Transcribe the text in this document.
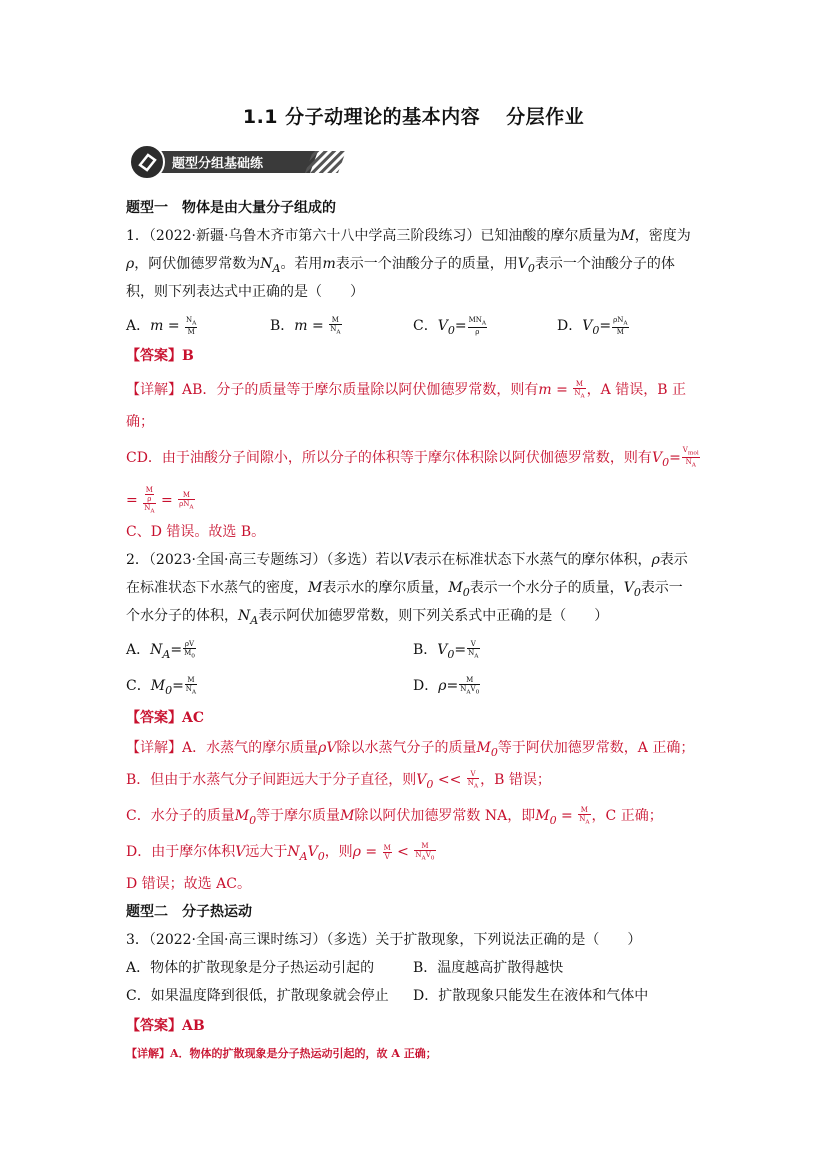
1.1 分子动理论的基本内容 分层作业
题型分组基础练
题型一　物体是由大量分子组成的
1．（2022·新疆·乌鲁木齐市第六十八中学高三阶段练习）已知油酸的摩尔质量为M，密度为
ρ，阿伏伽德罗常数为$N_A$。若用m表示一个油酸分子的质量，用$V_0$表示一个油酸分子的体
积，则下列表达式中正确的是（　　）
A．$m = \frac{N_A}{M}$	B．$m = \frac{M}{N_A}$	C．$V_0= \frac{MN_A}{\rho}$	D．$V_0= \frac{\rho N_A}{M}$
【答案】B
【详解】AB．分子的质量等于摩尔质量除以阿伏伽德罗常数，则有$m = \frac{M}{N_A}$ ，A 错误，B 正
确；
CD．由于油酸分子间隙小，所以分子的体积等于摩尔体积除以阿伏伽德罗常数，则有$V_0= \frac{V_{mol}}{N_A}$
= $\frac{\frac{M}{\rho}}{N_A} = \frac{M}{\rho N_A}$
C、D 错误。故选 B。
2．（2023·全国·高三专题练习）（多选）若以V表示在标准状态下水蒸气的摩尔体积，ρ表示
在标准状态下水蒸气的密度，M表示水的摩尔质量，$M_0$表示一个水分子的质量，$V_0$表示一
个水分子的体积，$N_A$表示阿伏加德罗常数，则下列关系式中正确的是（　　）
A．$N_A= \frac{\rho V}{M_0}$	B．$V_0= \frac{V}{N_A}$
C．$M_0= \frac{M}{N_A}$	D．$\rho= \frac{M}{N_AV_0}$
【答案】AC
【详解】A．水蒸气的摩尔质量ρV除以水蒸气分子的质量$M_0$等于阿伏加德罗常数，A 正确；
B．但由于水蒸气分子间距远大于分子直径，则$V_0 << \frac{V}{N_A}$ ，B 错误；
C．水分子的质量$M_0$等于摩尔质量M除以阿伏加德罗常数 NA，即$M_0 = \frac{M}{N_A}$ ，C 正确；
D．由于摩尔体积V远大于$N_AV_0$，则$\rho = \frac{M}{V} < \frac{M}{N_AV_0}$
D 错误；故选 AC。
题型二　分子热运动
3．（2022·全国·高三课时练习）（多选）关于扩散现象，下列说法正确的是（　　）
A．物体的扩散现象是分子热运动引起的	B．温度越高扩散得越快
C．如果温度降到很低，扩散现象就会停止 D．扩散现象只能发生在液体和气体中
【答案】AB
【详解】A．物体的扩散现象是分子热运动引起的，故 A 正确；
